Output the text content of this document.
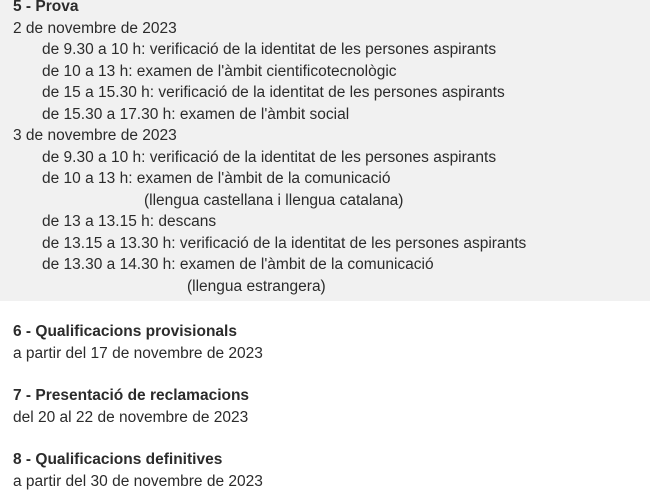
5 - Prova
2 de novembre de 2023
de 9.30 a 10 h: verificació de la identitat de les persones aspirants
de 10 a 13 h: examen de l'àmbit cientificotecnològic
de 15 a 15.30 h: verificació de la identitat de les persones aspirants
de 15.30 a 17.30 h: examen de l'àmbit social
3 de novembre de 2023
de 9.30 a 10 h: verificació de la identitat de les persones aspirants
de 10 a 13 h: examen de l'àmbit de la comunicació
(llengua castellana i llengua catalana)
de 13 a 13.15 h: descans
de 13.15 a 13.30 h: verificació de la identitat de les persones aspirants
de 13.30 a 14.30 h: examen de l'àmbit de la comunicació
(llengua estrangera)
6 - Qualificacions provisionals
a partir del 17 de novembre de 2023
7 - Presentació de reclamacions
del 20 al 22 de novembre de 2023
8 - Qualificacions definitives
a partir del 30 de novembre de 2023
